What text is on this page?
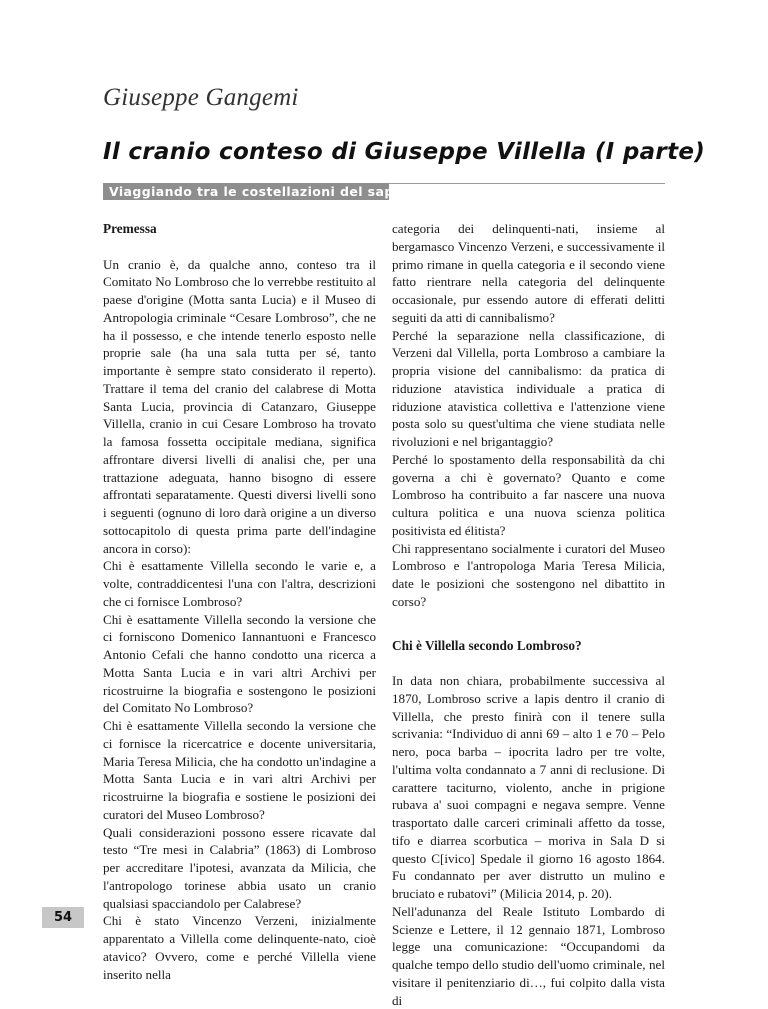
Giuseppe Gangemi
Il cranio conteso di Giuseppe Villella (I parte)
Viaggiando tra le costellazioni del sapere
Premessa

Un cranio è, da qualche anno, conteso tra il Comitato No Lombroso che lo verrebbe restituito al paese d'origine (Motta santa Lucia) e il Museo di Antropologia criminale “Cesare Lombroso”, che ne ha il possesso, e che intende tenerlo esposto nelle proprie sale (ha una sala tutta per sé, tanto importante è sempre stato considerato il reperto). Trattare il tema del cranio del calabrese di Motta Santa Lucia, provincia di Catanzaro, Giuseppe Villella, cranio in cui Cesare Lombroso ha trovato la famosa fossetta occipitale mediana, significa affrontare diversi livelli di analisi che, per una trattazione adeguata, hanno bisogno di essere affrontati separatamente. Questi diversi livelli sono i seguenti (ognuno di loro darà origine a un diverso sottocapitolo di questa prima parte dell'indagine ancora in corso):

Chi è esattamente Villella secondo le varie e, a volte, contraddicentesi l'una con l'altra, descrizioni che ci fornisce Lombroso?

Chi è esattamente Villella secondo la versione che ci forniscono Domenico Iannantuoni e Francesco Antonio Cefali che hanno condotto una ricerca a Motta Santa Lucia e in vari altri Archivi per ricostruirne la biografia e sostengono le posizioni del Comitato No Lombroso?

Chi è esattamente Villella secondo la versione che ci fornisce la ricercatrice e docente universitaria, Maria Teresa Milicia, che ha condotto un'indagine a Motta Santa Lucia e in vari altri Archivi per ricostruirne la biografia e sostiene le posizioni dei curatori del Museo Lombroso?

Quali considerazioni possono essere ricavate dal testo “Tre mesi in Calabria” (1863) di Lombroso per accreditare l'ipotesi, avanzata da Milicia, che l'antropologo torinese abbia usato un cranio qualsiasi spacciandolo per Calabrese?

Chi è stato Vincenzo Verzeni, inizialmente apparentato a Villella come delinquente-nato, cioè atavico? Ovvero, come e perché Villella viene inserito nella

categoria dei delinquenti-nati, insieme al bergamasco Vincenzo Verzeni, e successivamente il primo rimane in quella categoria e il secondo viene fatto rientrare nella categoria del delinquente occasionale, pur essendo autore di efferati delitti seguiti da atti di cannibalismo?

Perché la separazione nella classificazione, di Verzeni dal Villella, porta Lombroso a cambiare la propria visione del cannibalismo: da pratica di riduzione atavistica individuale a pratica di riduzione atavistica collettiva e l'attenzione viene posta solo su quest'ultima che viene studiata nelle rivoluzioni e nel brigantaggio?

Perché lo spostamento della responsabilità da chi governa a chi è governato? Quanto e come Lombroso ha contribuito a far nascere una nuova cultura politica e una nuova scienza politica positivista ed élitista?

Chi rappresentano socialmente i curatori del Museo Lombroso e l'antropologa Maria Teresa Milicia, date le posizioni che sostengono nel dibattito in corso?

Chi è Villella secondo Lombroso?

In data non chiara, probabilmente successiva al 1870, Lombroso scrive a lapis dentro il cranio di Villella, che presto finirà con il tenere sulla scrivania: “Individuo di anni 69 – alto 1 e 70 – Pelo nero, poca barba – ipocrita ladro per tre volte, l'ultima volta condannato a 7 anni di reclusione. Di carattere taciturno, violento, anche in prigione rubava a' suoi compagni e negava sempre. Venne trasportato dalle carceri criminali affetto da tosse, tifo e diarrea scorbutica – moriva in Sala D si questo C[ivico] Spedale il giorno 16 agosto 1864. Fu condannato per aver distrutto un mulino e bruciato e rubatovi” (Milicia 2014, p. 20).

Nell'adunanza del Reale Istituto Lombardo di Scienze e Lettere, il 12 gennaio 1871, Lombroso legge una comunicazione: “Occupandomi da qualche tempo dello studio dell'uomo criminale, nel visitare il penitenziario di…, fui colpito dalla vista di

54
